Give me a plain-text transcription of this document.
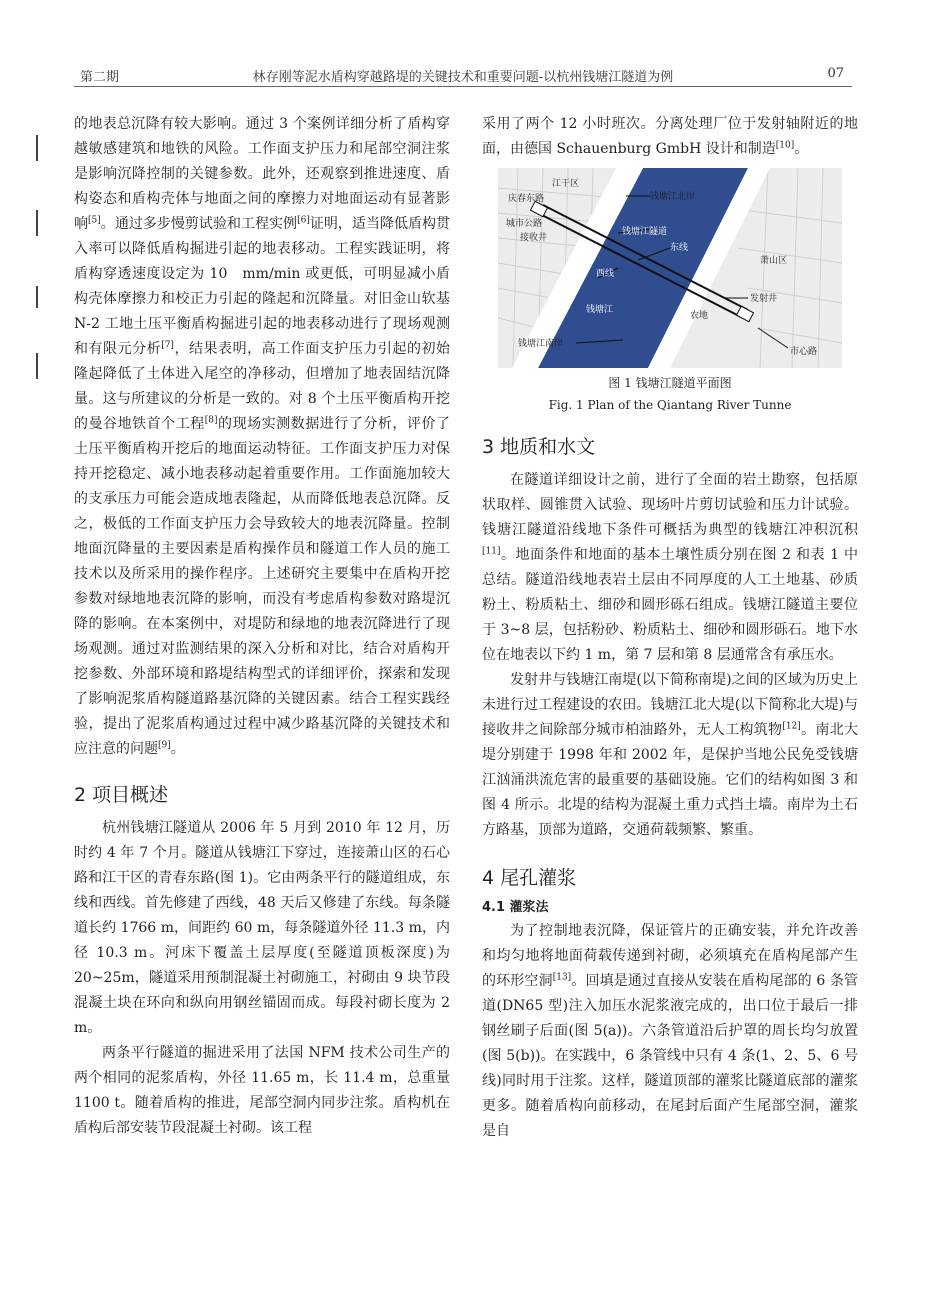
第二期	林存刚等泥水盾构穿越路堤的关键技术和重要问题-以杭州钱塘江隧道为例	07

的地表总沉降有较大影响。通过 3 个案例详细分析了盾构穿越敏感建筑和地铁的风险。工作面支护压力和尾部空洞注浆是影响沉降控制的关键参数。此外，还观察到推进速度、盾构姿态和盾构壳体与地面之间的摩擦力对地面运动有显著影响[5]。通过多步慢剪试验和工程实例[6]证明，适当降低盾构贯入率可以降低盾构掘进引起的地表移动。工程实践证明，将盾构穿透速度设定为 10　mm/min 或更低，可明显减小盾构壳体摩擦力和校正力引起的隆起和沉降量。对旧金山软基 N-2 工地土压平衡盾构掘进引起的地表移动进行了现场观测和有限元分析[7]，结果表明，高工作面支护压力引起的初始隆起降低了土体进入尾空的净移动，但增加了地表固结沉降量。这与所建议的分析是一致的。对 8 个土压平衡盾构开挖的曼谷地铁首个工程[8]的现场实测数据进行了分析，评价了土压平衡盾构开挖后的地面运动特征。工作面支护压力对保持开挖稳定、减小地表移动起着重要作用。工作面施加较大的支承压力可能会造成地表隆起，从而降低地表总沉降。反之，极低的工作面支护压力会导致较大的地表沉降量。控制地面沉降量的主要因素是盾构操作员和隧道工作人员的施工技术以及所采用的操作程序。上述研究主要集中在盾构开挖参数对绿地地表沉降的影响，而没有考虑盾构参数对路堤沉降的影响。在本案例中，对堤防和绿地的地表沉降进行了现场观测。通过对监测结果的深入分析和对比，结合对盾构开挖参数、外部环境和路堤结构型式的详细评价，探索和发现了影响泥浆盾构隧道路基沉降的关键因素。结合工程实践经验，提出了泥浆盾构通过过程中减少路基沉降的关键技术和应注意的问题[9]。

2 项目概述

杭州钱塘江隧道从 2006 年 5 月到 2010 年 12 月，历时约 4 年 7 个月。隧道从钱塘江下穿过，连接萧山区的石心路和江干区的青春东路(图 1)。它由两条平行的隧道组成，东线和西线。首先修建了西线，48 天后又修建了东线。每条隧道长约 1766 m，间距约 60 m，每条隧道外径 11.3 m，内径 10.3 m。河床下覆盖土层厚度(至隧道顶板深度)为 20~25m，隧道采用预制混凝土衬砌施工，衬砌由 9 块节段混凝土块在环向和纵向用钢丝锚固而成。每段衬砌长度为 2 m。

两条平行隧道的掘进采用了法国 NFM 技术公司生产的两个相同的泥浆盾构，外径 11.65 m，长 11.4 m，总重量 1100 t。随着盾构的推进，尾部空洞内同步注浆。盾构机在盾构后部安装节段混凝土衬砌。该工程

采用了两个 12 小时班次。分离处理厂位于发射轴附近的地面，由德国 Schauenburg GmbH 设计和制造[10]。

江干区
庆春东路	钱塘江北岸
城市公路
接收井
钱塘江隧道
东线
西线
萧山区
钱塘江
发射井
农地
钱塘江南岸
市心路
图 1 钱塘江隧道平面图
Fig. 1 Plan of the Qiantang River Tunne
3 地质和水文

在隧道详细设计之前，进行了全面的岩土勘察，包括原状取样、圆锥贯入试验、现场叶片剪切试验和压力计试验。钱塘江隧道沿线地下条件可概括为典型的钱塘江冲积沉积[11]。地面条件和地面的基本土壤性质分别在图 2 和表 1 中总结。隧道沿线地表岩土层由不同厚度的人工土地基、砂质粉土、粉质粘土、细砂和圆形砾石组成。钱塘江隧道主要位于 3~8 层，包括粉砂、粉质粘土、细砂和圆形砾石。地下水位在地表以下约 1 m，第 7 层和第 8 层通常含有承压水。

发射井与钱塘江南堤(以下简称南堤)之间的区域为历史上未进行过工程建设的农田。钱塘江北大堤(以下简称北大堤)与接收井之间除部分城市柏油路外，无人工构筑物[12]。南北大堤分别建于 1998 年和 2002 年，是保护当地公民免受钱塘江汹涌洪流危害的最重要的基础设施。它们的结构如图 3 和图 4 所示。北堤的结构为混凝土重力式挡土墙。南岸为土石方路基，顶部为道路，交通荷载频繁、繁重。

4 尾孔灌浆
4.1 灌浆法

为了控制地表沉降，保证管片的正确安装，并允许改善和均匀地将地面荷载传递到衬砌，必须填充在盾构尾部产生的环形空洞[13]。回填是通过直接从安装在盾构尾部的 6 条管道(DN65 型)注入加压水泥浆液完成的，出口位于最后一排钢丝刷子后面(图 5(a))。六条管道沿后护罩的周长均匀放置(图 5(b))。在实践中，6 条管线中只有 4 条(1、2、5、6 号线)同时用于注浆。这样，隧道顶部的灌浆比隧道底部的灌浆更多。随着盾构向前移动，在尾封后面产生尾部空洞，灌浆是自
